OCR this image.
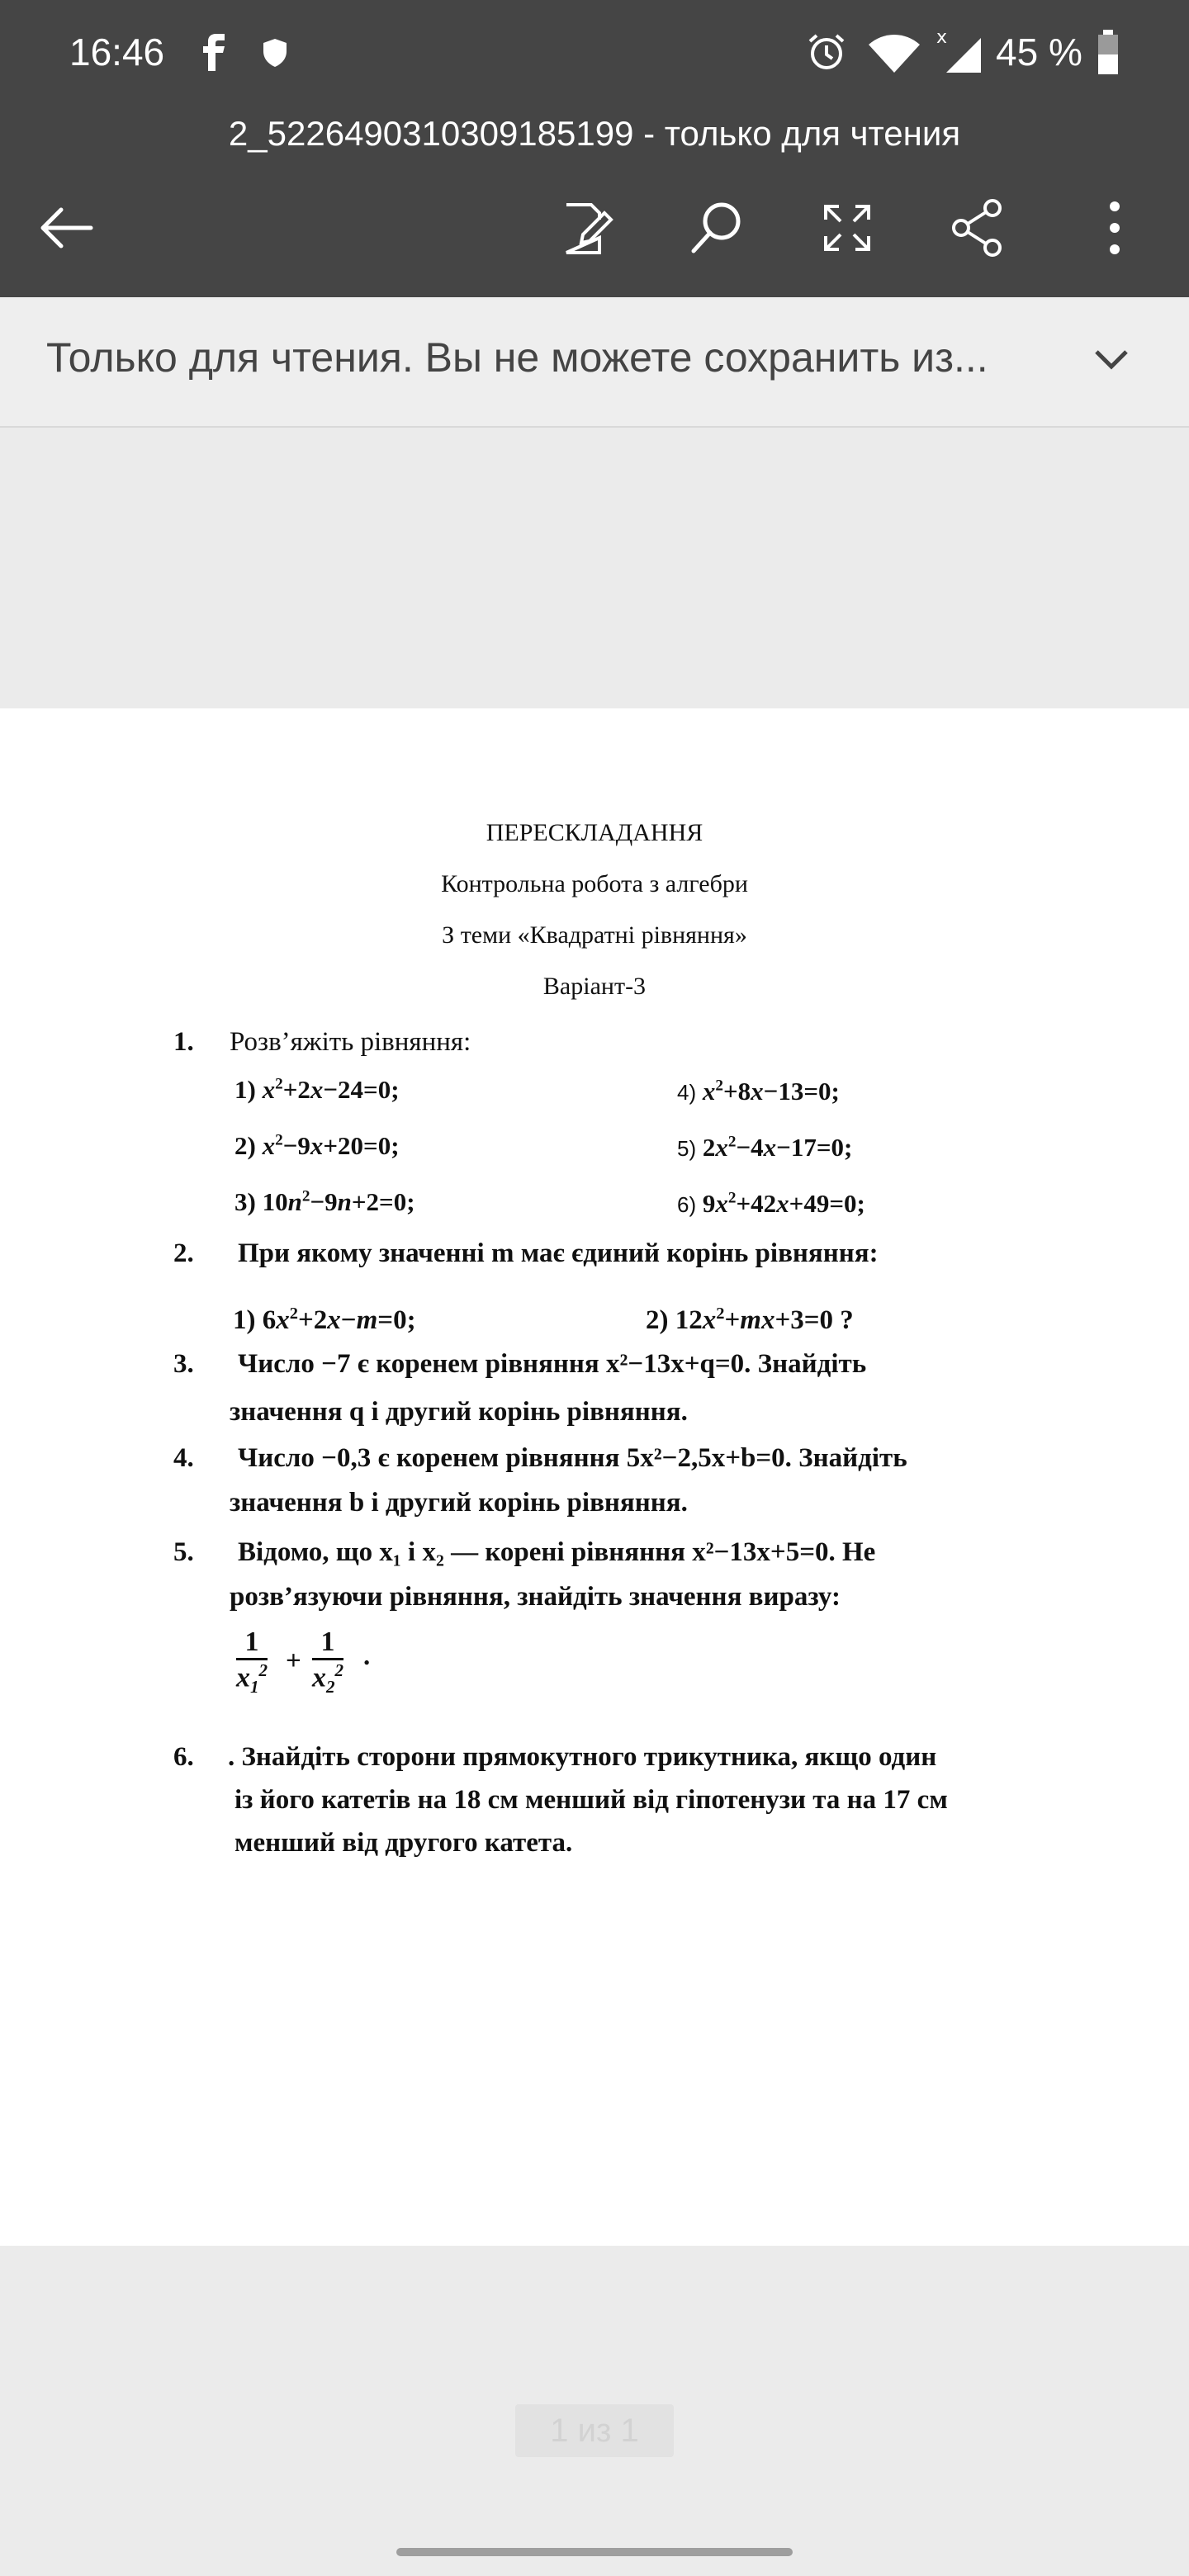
16:46	x 45 %
2_5226490310309185199 - только для чтения
Только для чтения. Вы не можете сохранить из...
ПЕРЕСКЛАДАННЯ
Контрольна робота з алгебри
З теми «Квадратні рівняння»
Варіант-3
1. Розв’яжіть рівняння:
1) $x^2+2x-24=0$;
2) $x^2-9x+20=0$;
3) $10n^2-9n+2=0$;
4) $x^2+8x-13=0$;
5) $2x^2-4x-17=0$;
6) $9x^2+42x+49=0$;
2. При якому значенні m має єдиний корінь рівняння:
1) $6x^2+2x-m=0$;	2) $12x^2+mx+3=0$ ?
3. Число −7 є коренем рівняння x²−13x+q=0. Знайдіть
значення q і другий корінь рівняння.
4. Число −0,3 є коренем рівняння 5x²−2,5x+b=0. Знайдіть
значення b і другий корінь рівняння.
5. Відомо, що x₁ і x₂ — корені рівняння x²−13x+5=0. Не
розв’язуючи рівняння, знайдіть значення виразу:
$\frac{1}{x_1^2} + \frac{1}{x_2^2}$ .
6. . Знайдіть сторони прямокутного трикутника, якщо один
із його катетів на 18 см менший від гіпотенузи та на 17 см
менший від другого катета.
1 из 1
